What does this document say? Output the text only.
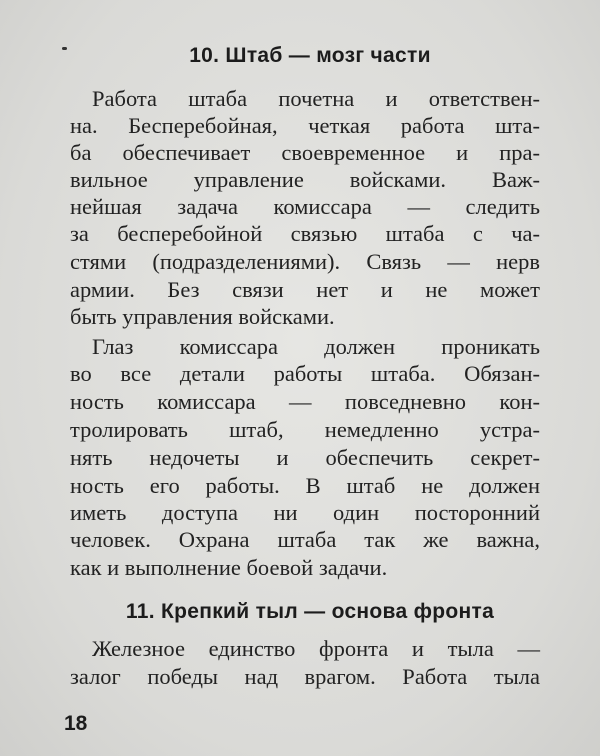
10. Штаб — мозг части
Работа штаба почетна и ответствен-
на. Бесперебойная, четкая работа шта-
ба обеспечивает своевременное и пра-
вильное управление войсками. Важ-
нейшая задача комиссара — следить
за бесперебойной связью штаба с ча-
стями (подразделениями). Связь — нерв
армии. Без связи нет и не может
быть управления войсками.
Глаз комиссара должен проникать
во все детали работы штаба. Обязан-
ность комиссара — повседневно кон-
тролировать штаб, немедленно устра-
нять недочеты и обеспечить секрет-
ность его работы. В штаб не должен
иметь доступа ни один посторонний
человек. Охрана штаба так же важна,
как и выполнение боевой задачи.
11. Крепкий тыл — основа фронта
Железное единство фронта и тыла —
залог победы над врагом. Работа тыла
18
